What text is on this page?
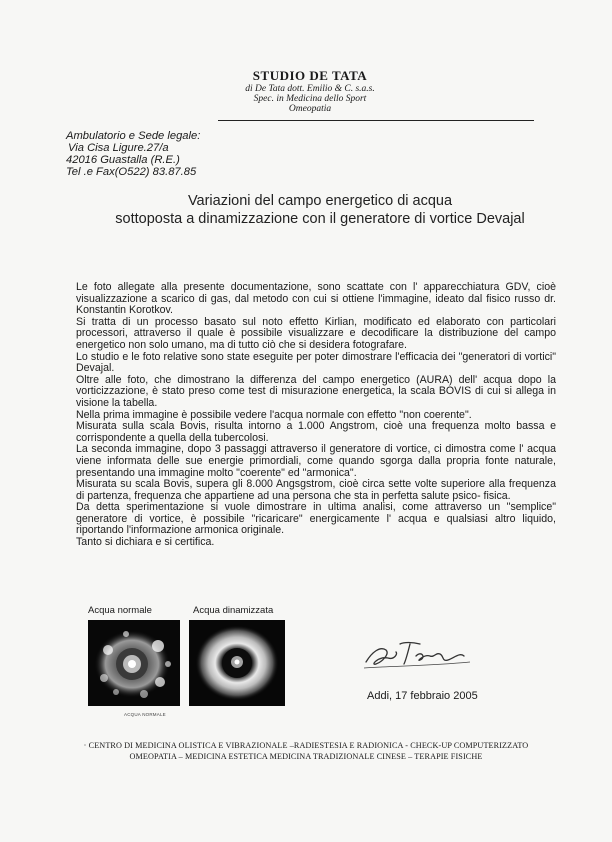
STUDIO DE TATA
di De Tata dott. Emilio & C. s.a.s.
Spec. in Medicina dello Sport
Omeopatia
Ambulatorio e Sede legale:
Via Cisa Ligure.27/a
42016 Guastalla (R.E.)
Tel .e Fax(O522) 83.87.85
Variazioni del campo energetico di acqua
sottoposta a dinamizzazione con il generatore di vortice Devajal

Le foto allegate alla presente documentazione, sono scattate con l' apparecchiatura GDV, cioè visualizzazione a scarico di gas, dal metodo con cui si ottiene l'immagine, ideato dal fisico russo dr. Konstantin Korotkov.

Si tratta di un processo basato sul noto effetto Kirlian, modificato ed elaborato con particolari processori, attraverso il quale è possibile visualizzare e decodificare la distribuzione del campo energetico non solo umano, ma di tutto ciò che si desidera fotografare.

Lo studio e le foto relative sono state eseguite per poter dimostrare l'efficacia dei "generatori di vortici" Devajal.

Oltre alle foto, che dimostrano la differenza del campo energetico (AURA) dell' acqua dopo la vorticizzazione, è stato preso come test di misurazione energetica, la scala BOVIS di cui si allega in visione la tabella.

Nella prima immagine è possibile vedere l'acqua normale con effetto "non coerente".

Misurata sulla scala Bovis, risulta intorno a 1.000 Angstrom, cioè una frequenza molto bassa e corrispondente a quella della tubercolosi.

La seconda immagine, dopo 3 passaggi attraverso il generatore di vortice, ci dimostra come l' acqua viene informata delle sue energie primordiali, come quando sgorga dalla propria fonte naturale, presentando una immagine molto "coerente" ed "armonica".

Misurata su scala Bovis, supera gli 8.000 Angsgstrom, cioè circa sette volte superiore alla frequenza di partenza, frequenza che appartiene ad una persona che sta in perfetta salute psico- fisica.

Da detta sperimentazione si vuole dimostrare in ultima analisi, come attraverso un "semplice" generatore di vortice, è possibile "ricaricare" energicamente l' acqua e qualsiasi altro liquido, riportando l'informazione armonica originale.

Tanto si dichiara e si certifica.

Acqua normale	Acqua dinamizzata
ACQUA NORMALE
Addi, 17 febbraio 2005
· CENTRO DI MEDICINA OLISTICA E VIBRAZIONALE –RADIESTESIA E RADIONICA - CHECK-UP COMPUTERIZZATO
OMEOPATIA – MEDICINA ESTETICA MEDICINA TRADIZIONALE CINESE – TERAPIE FISICHE
